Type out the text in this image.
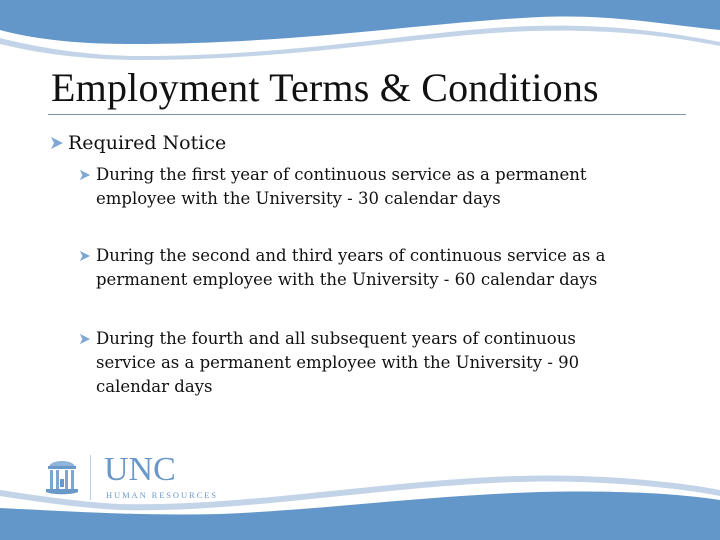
Employment Terms & Conditions
Required Notice
During the first year of continuous service as a permanent
employee with the University - 30 calendar days
During the second and third years of continuous service as a
permanent employee with the University - 60 calendar days
During the fourth and all subsequent years of continuous
service as a permanent employee with the University - 90
calendar days
UNC
HUMAN RESOURCES
